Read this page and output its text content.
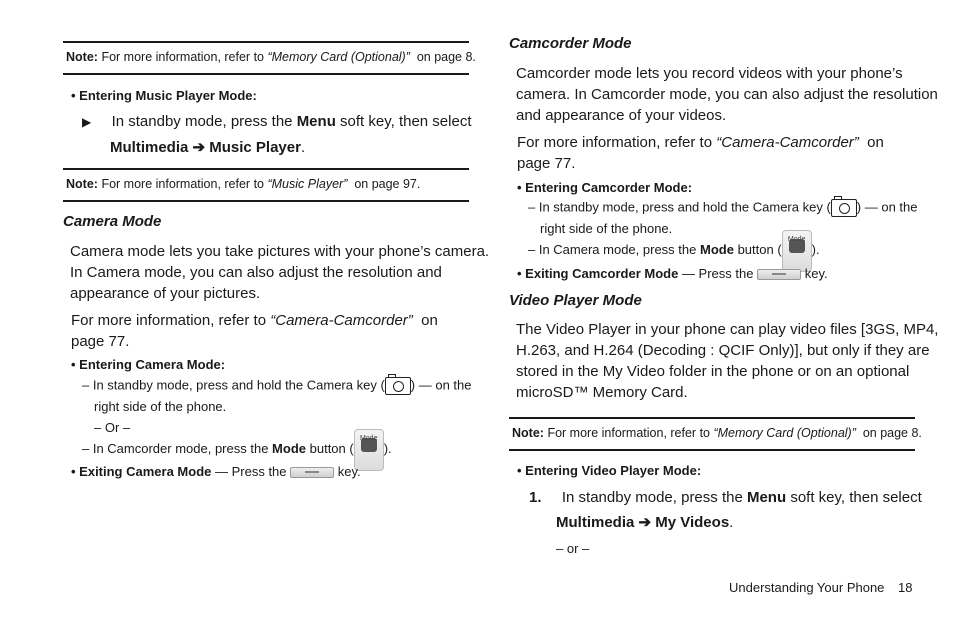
Note: For more information, refer to “Memory Card (Optional)” on page 8.
• Entering Music Player Mode:
▶ In standby mode, press the Menu soft key, then select
Multimedia ➔ Music Player.
Note: For more information, refer to “Music Player” on page 97.
Camera Mode
Camera mode lets you take pictures with your phone’s camera.
In Camera mode, you can also adjust the resolution and
appearance of your pictures.
For more information, refer to “Camera-Camcorder” on
page 77.
• Entering Camera Mode:
– In standby mode, press and hold the Camera key ( ) — on the
right side of the phone.
– Or –
– In Camcorder mode, press the Mode button (
Mode
).
• Exiting Camera Mode — Press the	key.
Camcorder Mode
Camcorder mode lets you record videos with your phone’s
camera. In Camcorder mode, you can also adjust the resolution
and appearance of your videos.
For more information, refer to “Camera-Camcorder” on
page 77.
• Entering Camcorder Mode:
– In standby mode, press and hold the Camera key ( ) — on the
right side of the phone.
– In Camera mode, press the Mode button (
Mode
).
• Exiting Camcorder Mode — Press the	key.
Video Player Mode
The Video Player in your phone can play video files [3GS, MP4,
H.263, and H.264 (Decoding : QCIF Only)], but only if they are
stored in the My Video folder in the phone or on an optional
microSD™ Memory Card.
Note: For more information, refer to “Memory Card (Optional)” on page 8.
• Entering Video Player Mode:
1. In standby mode, press the Menu soft key, then select
Multimedia ➔ My Videos.
– or –
Understanding Your Phone 18
